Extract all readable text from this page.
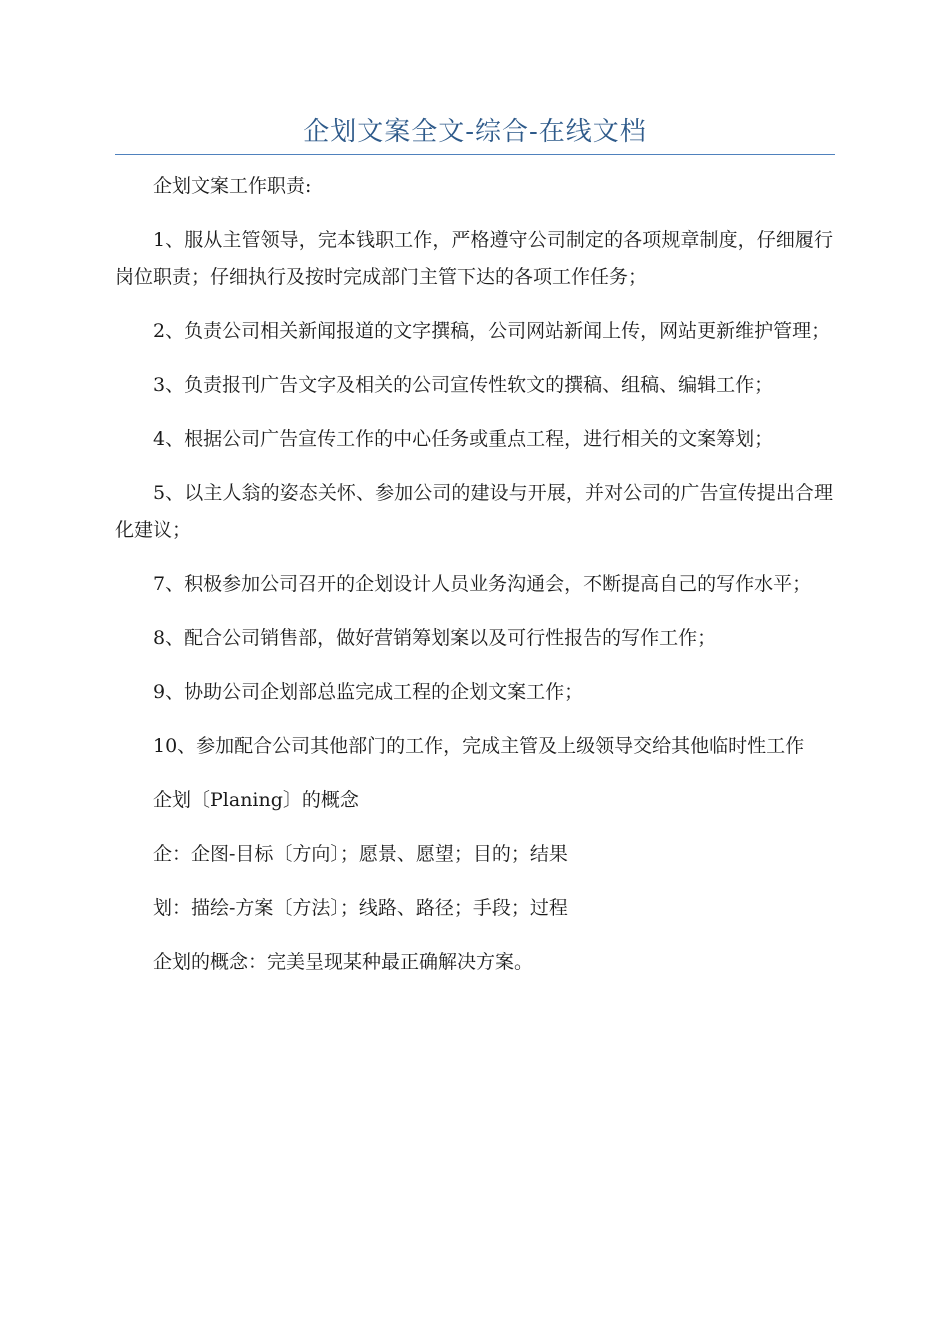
企划文案全文-综合-在线文档

企划文案工作职责:

1、服从主管领导，完本钱职工作，严格遵守公司制定的各项规章制度，仔细履行岗位职责；仔细执行及按时完成部门主管下达的各项工作任务；

2、负责公司相关新闻报道的文字撰稿，公司网站新闻上传，网站更新维护管理；

3、负责报刊广告文字及相关的公司宣传性软文的撰稿、组稿、编辑工作；

4、根据公司广告宣传工作的中心任务或重点工程，进行相关的文案筹划；

5、以主人翁的姿态关怀、参加公司的建设与开展，并对公司的广告宣传提出合理化建议；

7、积极参加公司召开的企划设计人员业务沟通会，不断提高自己的写作水平；

8、配合公司销售部，做好营销筹划案以及可行性报告的写作工作；

9、协助公司企划部总监完成工程的企划文案工作；

10、参加配合公司其他部门的工作，完成主管及上级领导交给其他临时性工作

企划〔Planing〕的概念

企：企图-目标〔方向〕；愿景、愿望；目的；结果

划：描绘-方案〔方法〕；线路、路径；手段；过程

企划的概念：完美呈现某种最正确解决方案。
